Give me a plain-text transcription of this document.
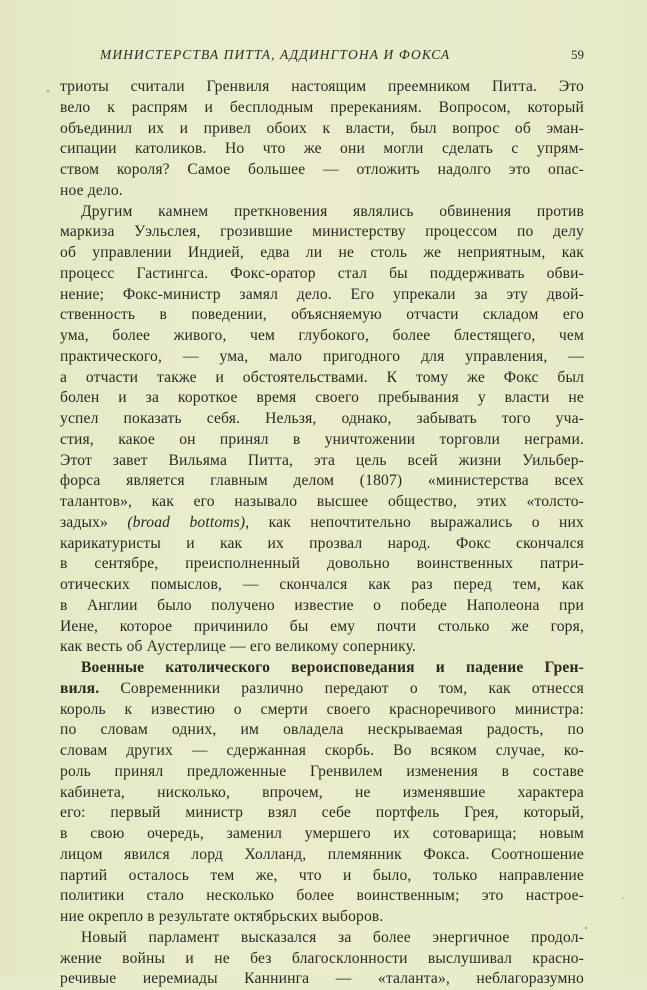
МИНИСТЕРСТВА ПИТТА, АДДИНГТОНА И ФОКСА	59
триоты считали Гренвиля настоящим преемником Питта. Это
вело к распрям и бесплодным пререканиям. Вопросом, который
объединил их и привел обоих к власти, был вопрос об эман-
сипации католиков. Но что же они могли сделать с упрям-
ством короля? Самое большее — отложить надолго это опас-
ное дело.
Другим камнем преткновения являлись обвинения против
маркиза Уэльслея, грозившие министерству процессом по делу
об управлении Индией, едва ли не столь же неприятным, как
процесс Гастингса. Фокс-оратор стал бы поддерживать обви-
нение; Фокс-министр замял дело. Его упрекали за эту двой-
ственность в поведении, объясняемую отчасти складом его
ума, более живого, чем глубокого, более блестящего, чем
практического, — ума, мало пригодного для управления, —
а отчасти также и обстоятельствами. К тому же Фокс был
болен и за короткое время своего пребывания у власти не
успел показать себя. Нельзя, однако, забывать того уча-
стия, какое он принял в уничтожении торговли неграми.
Этот завет Вильяма Питта, эта цель всей жизни Уильбер-
форса является главным делом (1807) «министерства всех
талантов», как его называло высшее общество, этих «толсто-
задых» (broad bottoms), как непочтительно выражались о них
карикатуристы и как их прозвал народ. Фокс скончался
в сентябре, преисполненный довольно воинственных патри-
отических помыслов, — скончался как раз перед тем, как
в Англии было получено известие о победе Наполеона при
Иене, которое причинило бы ему почти столько же горя,
как весть об Аустерлице — его великому сопернику.
Военные католического вероисповедания и падение Грен-
виля. Современники различно передают о том, как отнесся
король к известию о смерти своего красноречивого министра:
по словам одних, им овладела нескрываемая радость, по
словам других — сдержанная скорбь. Во всяком случае, ко-
роль принял предложенные Гренвилем изменения в составе
кабинета, нисколько, впрочем, не изменявшие характера
его: первый министр взял себе портфель Грея, который,
в свою очередь, заменил умершего их сотоварища; новым
лицом явился лорд Холланд, племянник Фокса. Соотношение
партий осталось тем же, что и было, только направление
политики стало несколько более воинственным; это настрое-
ние окрепло в результате октябрьских выборов.
Новый парламент высказался за более энергичное продол-
жение войны и не без благосклонности выслушивал красно-
речивые иеремиады Каннинга — «таланта», неблагоразумно
